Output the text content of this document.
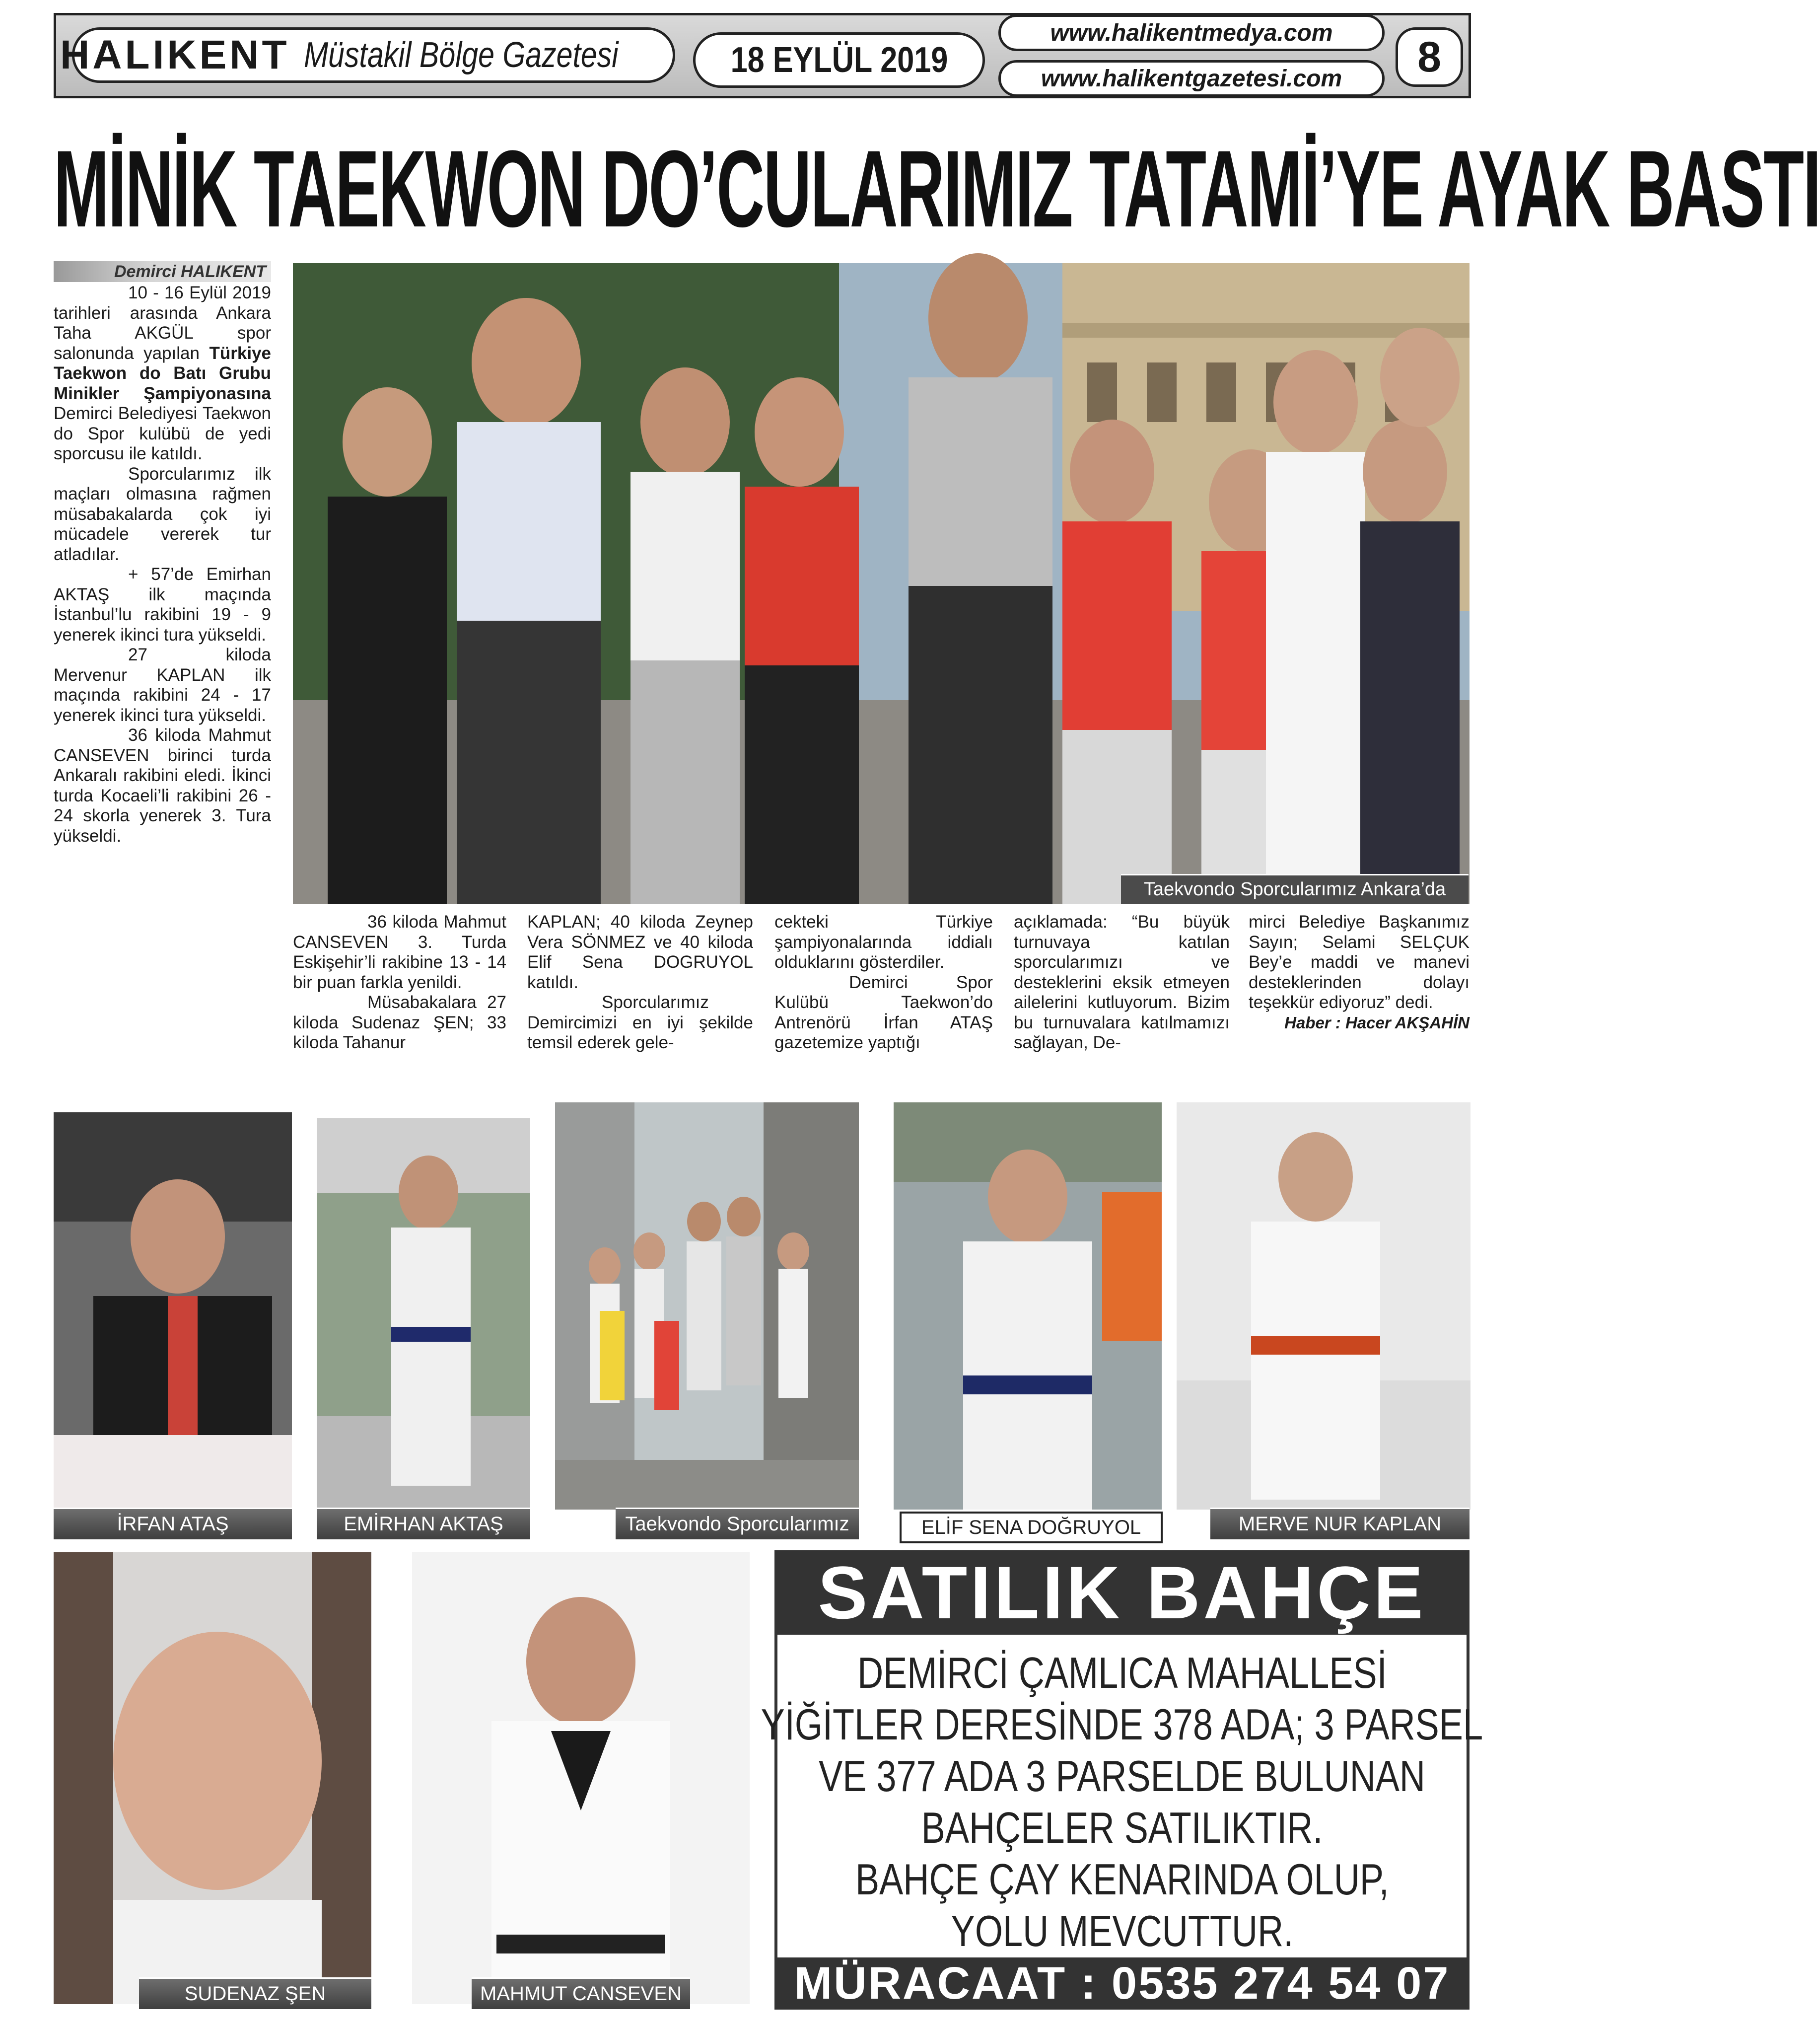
HALIKENT Müstakil Bölge Gazetesi	18 EYLÜL 2019
www.halikentmedya.com
www.halikentgazetesi.com	8
MİNİK TAEKWON DO’CULARIMIZ TATAMİ’YE AYAK BASTI
Demirci HALIKENT

10 - 16 Eylül 2019 tarihleri arasında Ankara Taha AKGÜL spor salonunda yapılan Türkiye Taekwon do Batı Grubu Minikler Şampiyonasına Demirci Belediyesi Taekwon do Spor kulübü de yedi sporcusu ile katıldı.

Sporcularımız ilk maçları olmasına rağmen müsabakalarda çok iyi mücadele vererek tur atladılar.

+ 57’de Emirhan AKTAŞ ilk maçında İstanbul’lu rakibini 19 - 9 yenerek ikinci tura yükseldi.

27 kiloda Mervenur KAPLAN ilk maçında rakibini 24 - 17 yenerek ikinci tura yükseldi.

36 kiloda Mahmut CANSEVEN birinci turda Ankaralı rakibini eledi. İkinci turda Kocaeli’li rakibini 26 - 24 skorla yenerek 3. Tura yükseldi.

Taekvondo Sporcularımız Ankara’da

36 kiloda Mahmut CANSEVEN 3. Turda Eskişehir’li rakibine 13 - 14 bir puan farkla yenildi.

Müsabakalara 27 kiloda Sudenaz ŞEN; 33 kiloda Tahanur

KAPLAN; 40 kiloda Zeynep Vera SÖNMEZ ve 40 kiloda Elif Sena DOGRUYOL katıldı.

Sporcularımız Demircimizi en iyi şekilde temsil ederek gele-

cekteki Türkiye şampiyonalarında iddialı olduklarını gösterdiler.

Demirci Spor Kulübü Taekwon’do Antrenörü İrfan ATAŞ gazetemize yaptığı

açıklamada: “Bu büyük turnuvaya katılan sporcularımızı ve desteklerini eksik etmeyen ailelerini kutluyorum. Bizim bu turnuvalara katılmamızı sağlayan, De-

mirci Belediye Başkanımız Sayın; Selami SELÇUK Bey’e maddi ve manevi desteklerinden dolayı teşekkür ediyoruz” dedi.

Haber : Hacer AKŞAHİN
İRFAN ATAŞ	EMİRHAN AKTAŞ	Taekvondo Sporcularımız	ELİF SENA DOĞRUYOL	MERVE NUR KAPLAN
SUDENAZ ŞEN	MAHMUT CANSEVEN
SATILIK BAHÇE
DEMİRCİ ÇAMLICA MAHALLESİ
YİĞİTLER DERESİNDE 378 ADA; 3 PARSEL
VE 377 ADA 3 PARSELDE BULUNAN
BAHÇELER SATILIKTIR.
BAHÇE ÇAY KENARINDA OLUP,
YOLU MEVCUTTUR.
MÜRACAAT : 0535 274 54 07
